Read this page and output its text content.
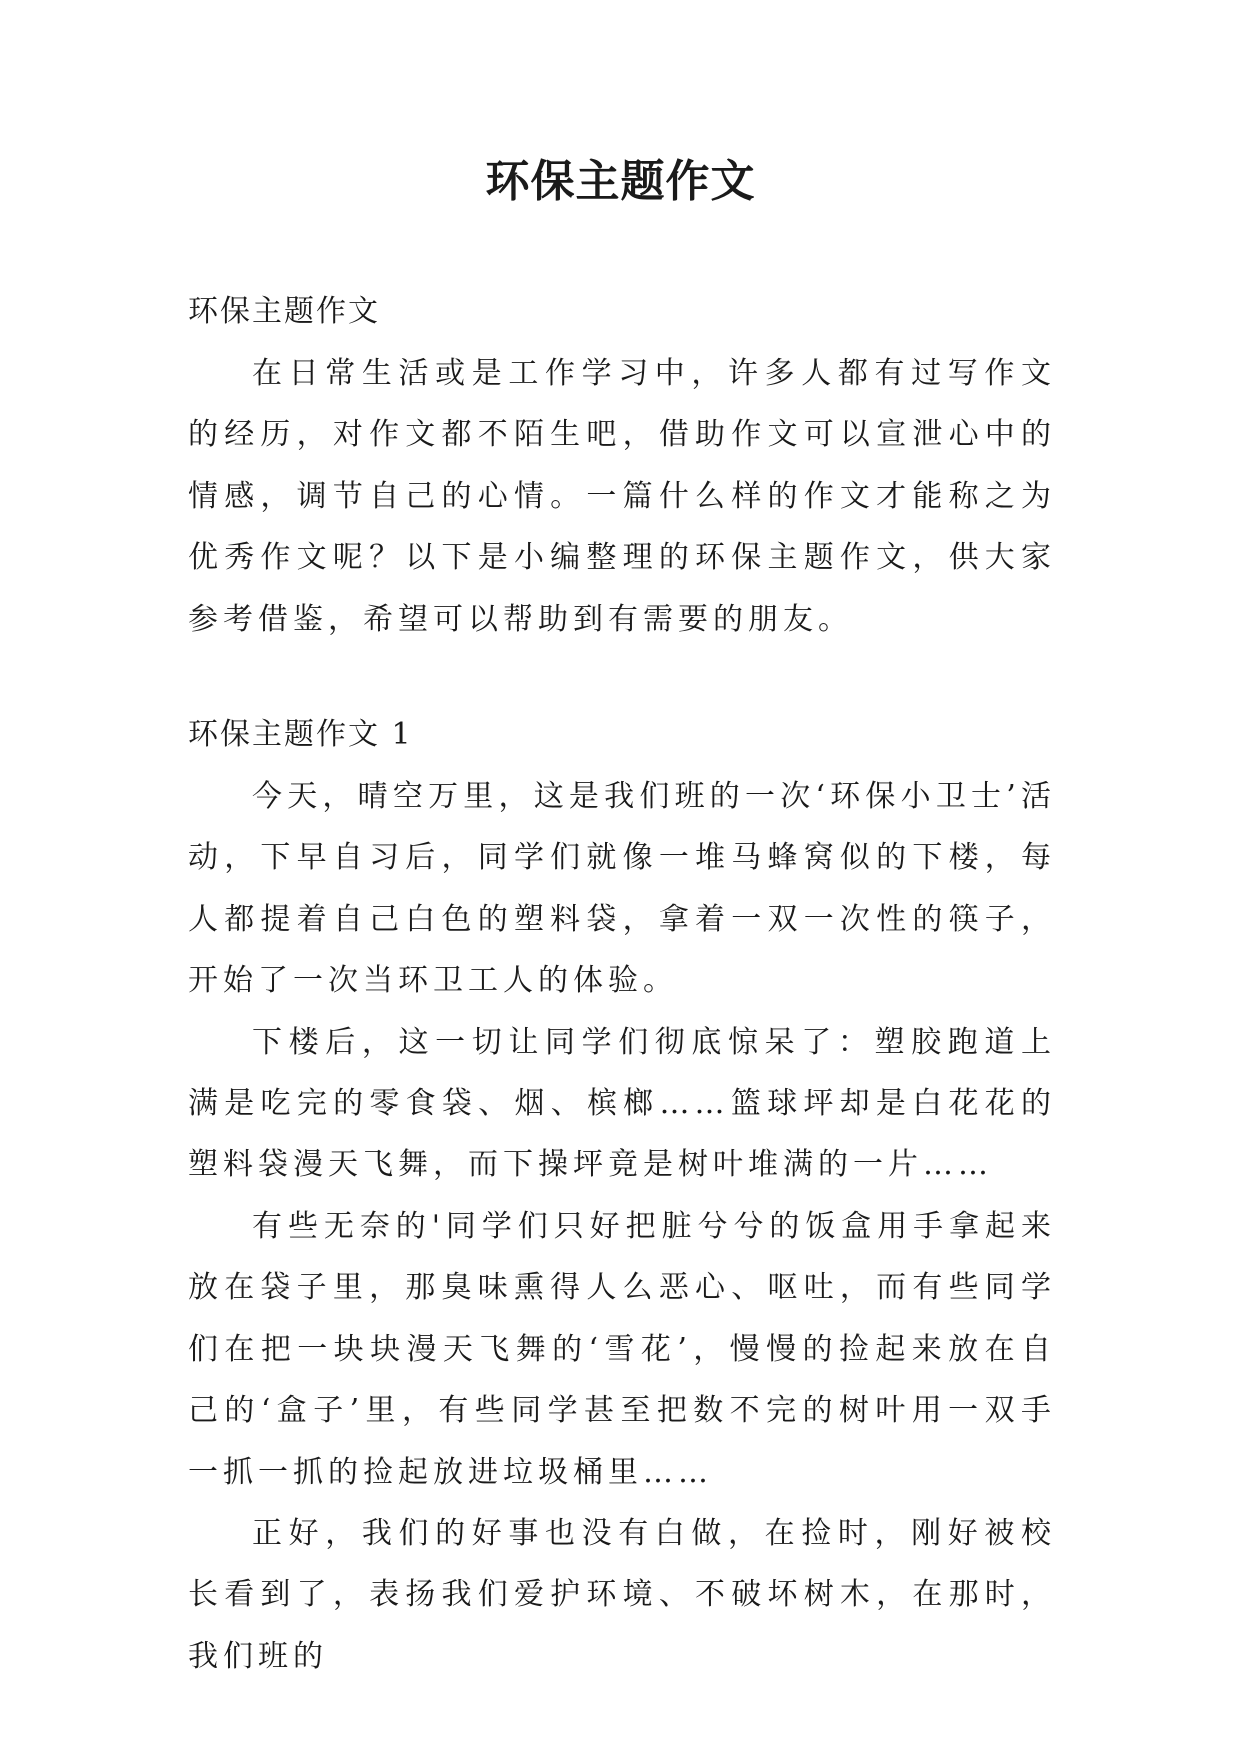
环保主题作文

环保主题作文

在日常生活或是工作学习中，许多人都有过写作文的经历，对作文都不陌生吧，借助作文可以宣泄心中的情感，调节自己的心情。一篇什么样的作文才能称之为优秀作文呢？以下是小编整理的环保主题作文，供大家参考借鉴，希望可以帮助到有需要的朋友。

环保主题作文 1

今天，晴空万里，这是我们班的一次‘环保小卫士’活动，下早自习后，同学们就像一堆马蜂窝似的下楼，每人都提着自己白色的塑料袋，拿着一双一次性的筷子，开始了一次当环卫工人的体验。

下楼后，这一切让同学们彻底惊呆了：塑胶跑道上满是吃完的零食袋、烟、槟榔……篮球坪却是白花花的塑料袋漫天飞舞，而下操坪竟是树叶堆满的一片……

有些无奈的'同学们只好把脏兮兮的饭盒用手拿起来放在袋子里，那臭味熏得人么恶心、呕吐，而有些同学们在把一块块漫天飞舞的‘雪花’，慢慢的捡起来放在自己的‘盒子’里，有些同学甚至把数不完的树叶用一双手一抓一抓的捡起放进垃圾桶里……

正好，我们的好事也没有白做，在捡时，刚好被校长看到了，表扬我们爱护环境、不破坏树木，在那时，我们班的
